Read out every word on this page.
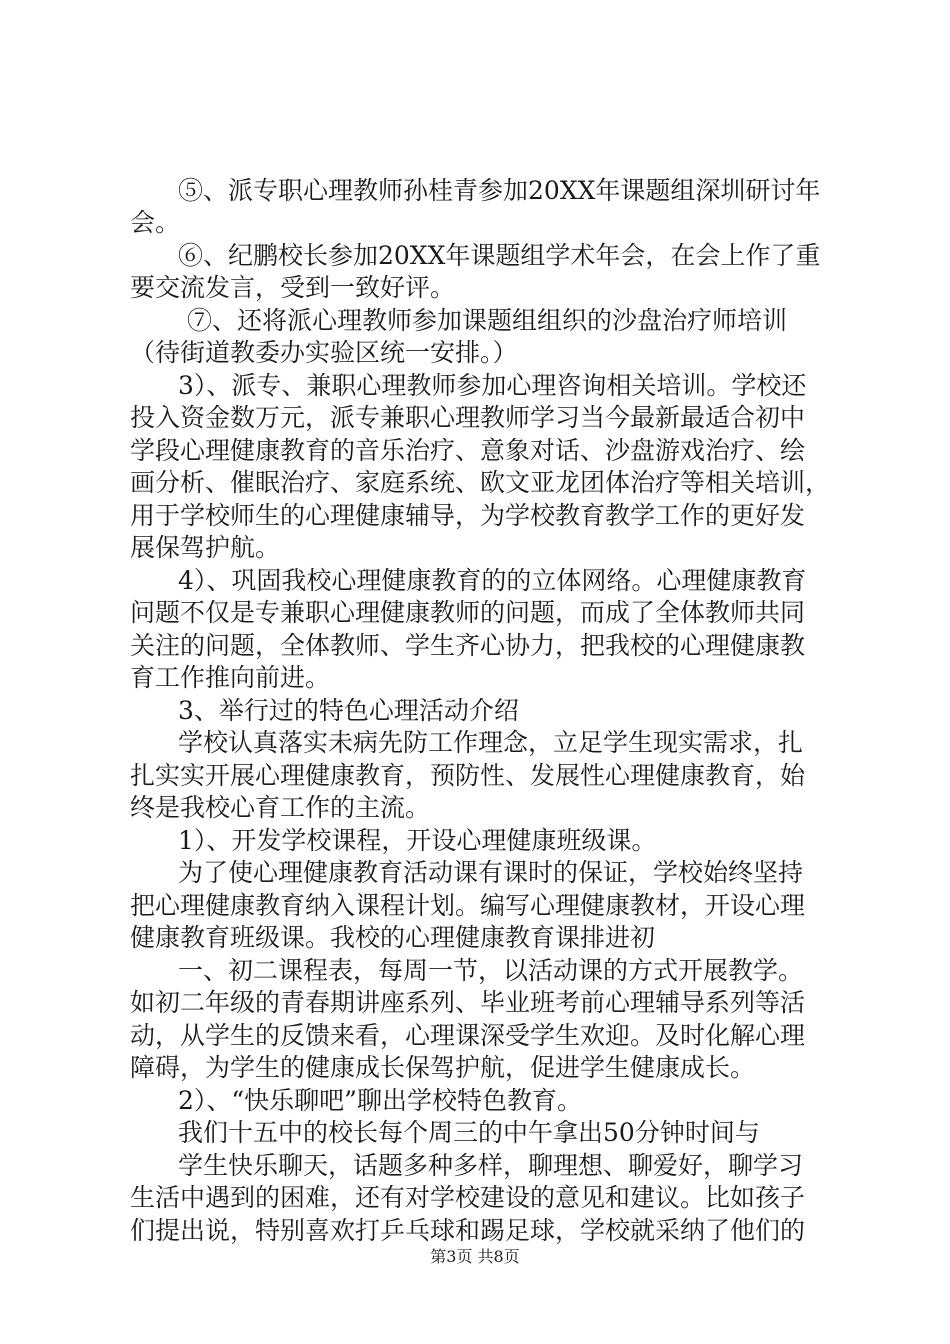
⑤、派专职心理教师孙桂青参加20XX年课题组深圳研讨年
会。
⑥、纪鹏校长参加20XX年课题组学术年会，在会上作了重
要交流发言，受到一致好评。
⑦、还将派心理教师参加课题组组织的沙盘治疗师培训
（待街道教委办实验区统一安排。）
3）、派专、兼职心理教师参加心理咨询相关培训。学校还
投入资金数万元，派专兼职心理教师学习当今最新最适合初中
学段心理健康教育的音乐治疗、意象对话、沙盘游戏治疗、绘
画分析、催眠治疗、家庭系统、欧文亚龙团体治疗等相关培训，
用于学校师生的心理健康辅导，为学校教育教学工作的更好发
展保驾护航。
4）、巩固我校心理健康教育的的立体网络。心理健康教育
问题不仅是专兼职心理健康教师的问题，而成了全体教师共同
关注的问题，全体教师、学生齐心协力，把我校的心理健康教
育工作推向前进。
3、举行过的特色心理活动介绍
学校认真落实未病先防工作理念，立足学生现实需求，扎
扎实实开展心理健康教育，预防性、发展性心理健康教育，始
终是我校心育工作的主流。
1）、开发学校课程，开设心理健康班级课。
为了使心理健康教育活动课有课时的保证，学校始终坚持
把心理健康教育纳入课程计划。编写心理健康教材，开设心理
健康教育班级课。我校的心理健康教育课排进初
一、初二课程表，每周一节，以活动课的方式开展教学。
如初二年级的青春期讲座系列、毕业班考前心理辅导系列等活
动，从学生的反馈来看，心理课深受学生欢迎。及时化解心理
障碍，为学生的健康成长保驾护航，促进学生健康成长。
2）、“快乐聊吧”聊出学校特色教育。
我们十五中的校长每个周三的中午拿出50分钟时间与
学生快乐聊天，话题多种多样，聊理想、聊爱好，聊学习
生活中遇到的困难，还有对学校建设的意见和建议。比如孩子
们提出说，特别喜欢打乒乓球和踢足球，学校就采纳了他们的
第3页 共8页
